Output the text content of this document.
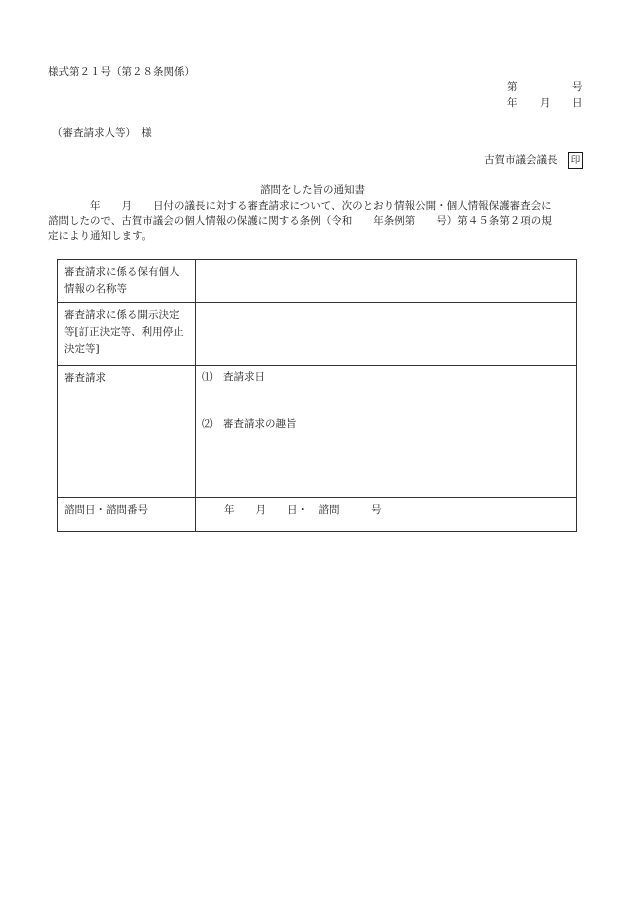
様式第２１号（第２８条関係）
第	号
年 月 日
（審査請求人等）　様
古賀市議会議長 印
諮問をした旨の通知書
　　　　年　　月　　日付の議長に対する審査請求について、次のとおり情報公開・個人情報保護審査会に
諮問したので、古賀市議会の個人情報の保護に関する条例（令和　　年条例第　　号）第４５条第２項の規
定により通知します。
審査請求に係る保有個人情報の名称等	
審査請求に係る開示決定等[訂正決定等、利用停止決定等]	
審査請求	⑴　査請求日
⑵　審査請求の趣旨

諮問日・諮問番号	年　　月　　日・　諮問　　　号
